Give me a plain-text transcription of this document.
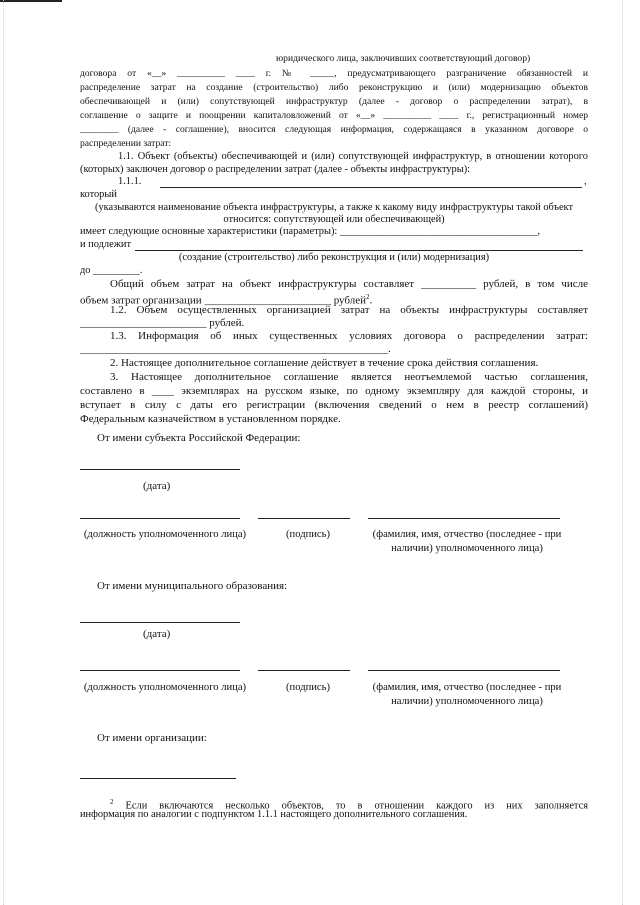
юридического лица, заключивших соответствующий договор)
договора от «__» __________ ____ г. № _____, предусматривающего разграничение обязанностей и
распределение затрат на создание (строительство) либо реконструкцию и (или) модернизацию объектов
обеспечивающей и (или) сопутствующей инфраструктур (далее - договор о распределении затрат), в
соглашение о защите и поощрении капиталовложений от «__» __________ ____ г., регистрационный номер
________ (далее - соглашение), вносится следующая информация, содержащаяся в указанном договоре о
распределении затрат:
1.1. Объект (объекты) обеспечивающей и (или) сопутствующей инфраструктур, в отношении которого
(которых) заключен договор о распределении затрат (далее - объекты инфраструктуры):
1.1.1.	,
который
(указываются наименование объекта инфраструктуры, а также к какому виду инфраструктуры такой объект
относится: сопутствующей или обеспечивающей)
имеет следующие основные характеристики (параметры): ______________________________________,
и подлежит
(создание (строительство) либо реконструкция и (или) модернизация)
до _________.
Общий объем затрат на объект инфраструктуры составляет __________ рублей, в том числе
объем затрат организации _______________________ рублей$^2$.
1.2. Объем осуществленных организацией затрат на объекты инфраструктуры составляет
_______________________ рублей.
1.3. Информация об иных существенных условиях договора о распределении затрат:
________________________________________________________.
2. Настоящее дополнительное соглашение действует в течение срока действия соглашения.
3. Настоящее дополнительное соглашение является неотъемлемой частью соглашения,
составлено в ____ экземплярах на русском языке, по одному экземпляру для каждой стороны, и
вступает в силу с даты его регистрации (включения сведений о нем в реестр соглашений)
Федеральным казначейством в установленном порядке.
От имени субъекта Российской Федерации:
(дата)
(должность уполномоченного лица)	(подпись)	(фамилия, имя, отчество (последнее - при наличии) уполномоченного лица)
От имени муниципального образования:
(дата)
(должность уполномоченного лица)	(подпись)	(фамилия, имя, отчество (последнее - при наличии) уполномоченного лица)
От имени организации:
$^2$ Если включаются несколько объектов, то в отношении каждого из них заполняется
информация по аналогии с подпунктом 1.1.1 настоящего дополнительного соглашения.
